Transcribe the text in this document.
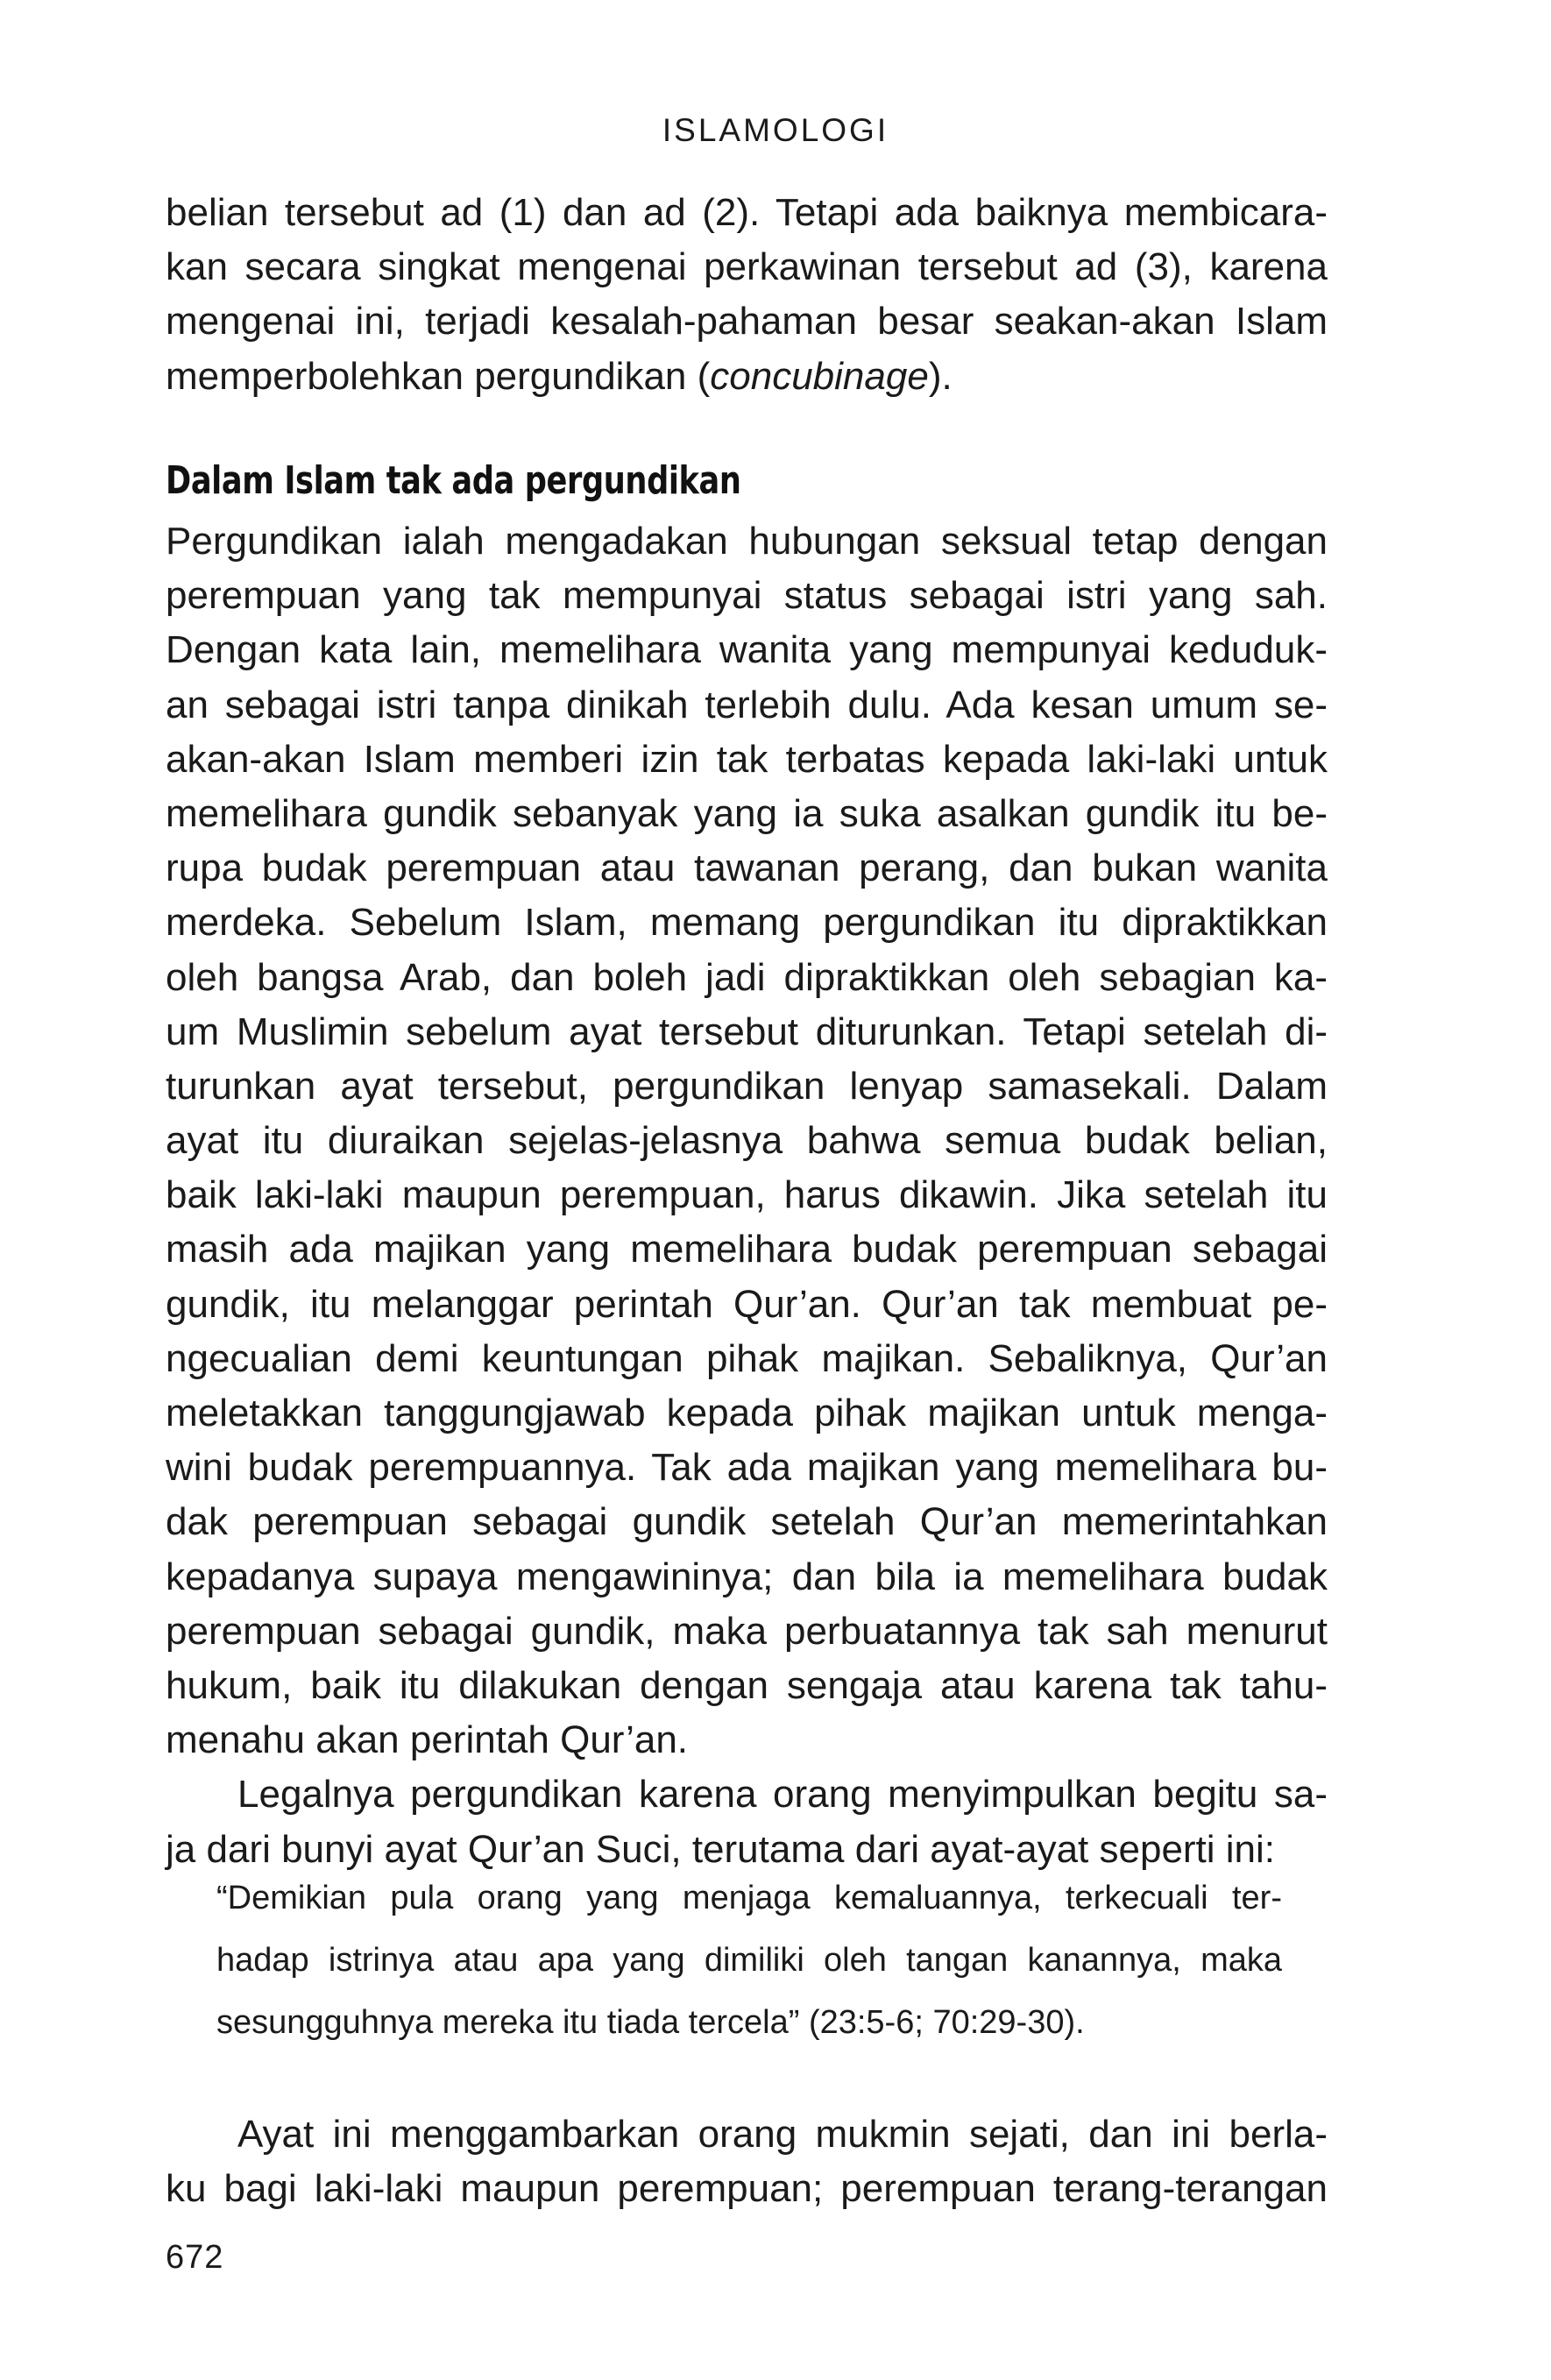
ISLAMOLOGI
belian tersebut ad (1) dan ad (2). Tetapi ada baiknya membicara-
kan secara singkat mengenai perkawinan tersebut ad (3), karena
mengenai ini, terjadi kesalah-pahaman besar seakan-akan Islam
memperbolehkan pergundikan (concubinage).
Dalam Islam tak ada pergundikan
Pergundikan ialah mengadakan hubungan seksual tetap dengan
perempuan yang tak mempunyai status sebagai istri yang sah.
Dengan kata lain, memelihara wanita yang mempunyai keduduk-
an sebagai istri tanpa dinikah terlebih dulu. Ada kesan umum se-
akan-akan Islam memberi izin tak terbatas kepada laki-laki untuk
memelihara gundik sebanyak yang ia suka asalkan gundik itu be-
rupa budak perempuan atau tawanan perang, dan bukan wanita
merdeka. Sebelum Islam, memang pergundikan itu dipraktikkan
oleh bangsa Arab, dan boleh jadi dipraktikkan oleh sebagian ka-
um Muslimin sebelum ayat tersebut diturunkan. Tetapi setelah di-
turunkan ayat tersebut, pergundikan lenyap samasekali. Dalam
ayat itu diuraikan sejelas-jelasnya bahwa semua budak belian,
baik laki-laki maupun perempuan, harus dikawin. Jika setelah itu
masih ada majikan yang memelihara budak perempuan sebagai
gundik, itu melanggar perintah Qur’an. Qur’an tak membuat pe-
ngecualian demi keuntungan pihak majikan. Sebaliknya, Qur’an
meletakkan tanggungjawab kepada pihak majikan untuk menga-
wini budak perempuannya. Tak ada majikan yang memelihara bu-
dak perempuan sebagai gundik setelah Qur’an memerintahkan
kepadanya supaya mengawininya; dan bila ia memelihara budak
perempuan sebagai gundik, maka perbuatannya tak sah menurut
hukum, baik itu dilakukan dengan sengaja atau karena tak tahu-
menahu akan perintah Qur’an.
Legalnya pergundikan karena orang menyimpulkan begitu sa-
ja dari bunyi ayat Qur’an Suci, terutama dari ayat-ayat seperti ini:
“Demikian pula orang yang menjaga kemaluannya, terkecuali ter-
hadap istrinya atau apa yang dimiliki oleh tangan kanannya, maka
sesungguhnya mereka itu tiada tercela” (23:5-6; 70:29-30).
Ayat ini menggambarkan orang mukmin sejati, dan ini berla-
ku bagi laki-laki maupun perempuan; perempuan terang-terangan
672
